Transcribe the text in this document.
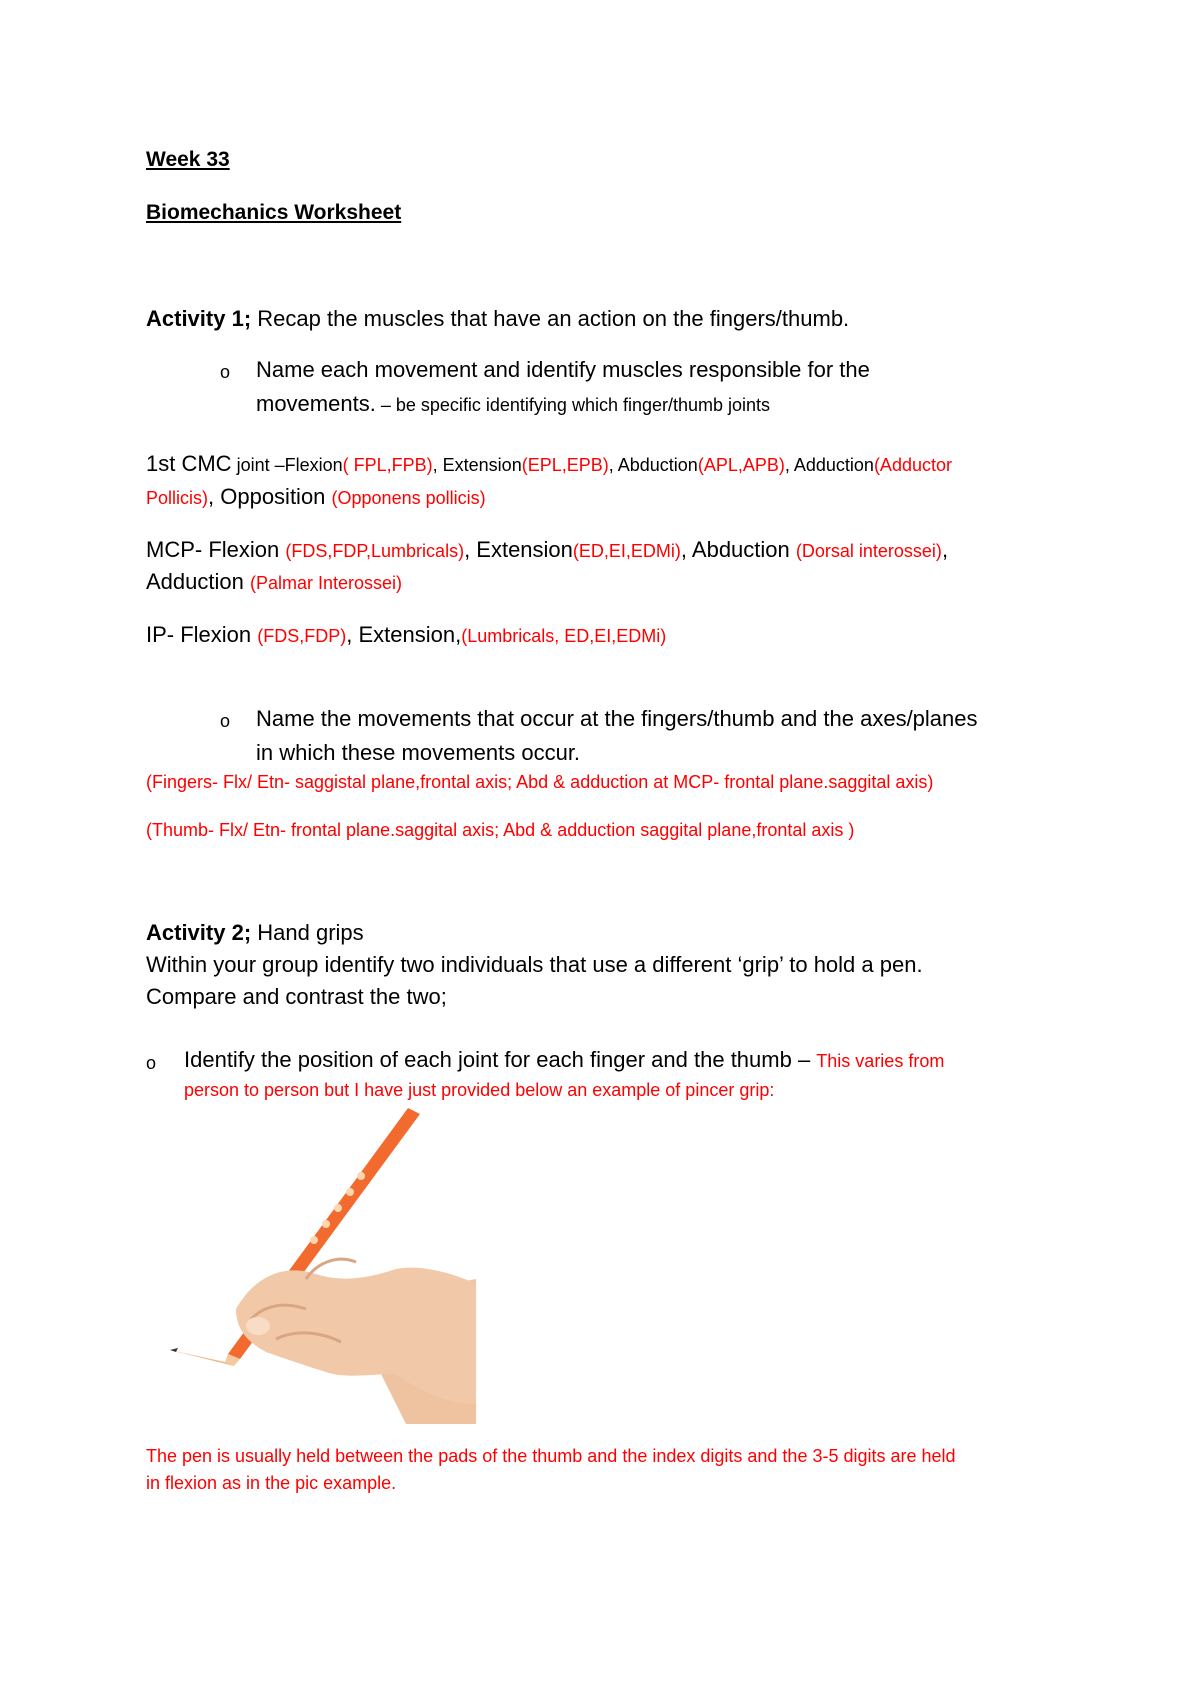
Week 33
Biomechanics Worksheet
Activity 1; Recap the muscles that have an action on the fingers/thumb.
o Name each movement and identify muscles responsible for the
movements. – be specific identifying which finger/thumb joints
1st CMC joint –Flexion( FPL,FPB), Extension(EPL,EPB), Abduction(APL,APB), Adduction(Adductor
Pollicis), Opposition (Opponens pollicis)
MCP- Flexion (FDS,FDP,Lumbricals), Extension(ED,EI,EDMi), Abduction (Dorsal interossei),
Adduction (Palmar Interossei)
IP- Flexion (FDS,FDP), Extension,(Lumbricals, ED,EI,EDMi)
o Name the movements that occur at the fingers/thumb and the axes/planes
in which these movements occur.
(Fingers- Flx/ Etn- saggistal plane,frontal axis; Abd & adduction at MCP- frontal plane.saggital axis)
(Thumb- Flx/ Etn- frontal plane.saggital axis; Abd & adduction saggital plane,frontal axis )
Activity 2; Hand grips
Within your group identify two individuals that use a different ‘grip’ to hold a pen.
Compare and contrast the two;
o Identify the position of each joint for each finger and the thumb – This varies from
person to person but I have just provided below an example of pincer grip:
The pen is usually held between the pads of the thumb and the index digits and the 3-5 digits are held
in flexion as in the pic example.
